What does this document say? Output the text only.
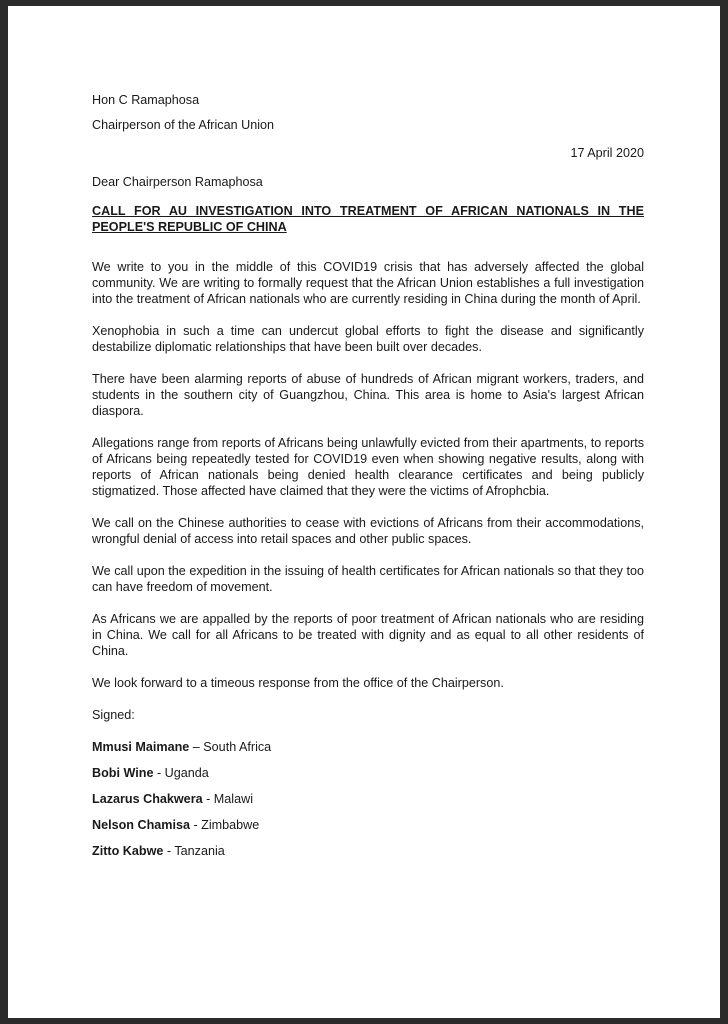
Hon C Ramaphosa

Chairperson of the African Union

17 April 2020

Dear Chairperson Ramaphosa

CALL FOR AU INVESTIGATION INTO TREATMENT OF AFRICAN NATIONALS IN THE PEOPLE'S REPUBLIC OF CHINA

We write to you in the middle of this COVID19 crisis that has adversely affected the global community. We are writing to formally request that the African Union establishes a full investigation into the treatment of African nationals who are currently residing in China during the month of April.

Xenophobia in such a time can undercut global efforts to fight the disease and significantly destabilize diplomatic relationships that have been built over decades.

There have been alarming reports of abuse of hundreds of African migrant workers, traders, and students in the southern city of Guangzhou, China. This area is home to Asia's largest African diaspora.

Allegations range from reports of Africans being unlawfully evicted from their apartments, to reports of Africans being repeatedly tested for COVID19 even when showing negative results, along with reports of African nationals being denied health clearance certificates and being publicly stigmatized. Those affected have claimed that they were the victims of Afrophcbia.

We call on the Chinese authorities to cease with evictions of Africans from their accommodations, wrongful denial of access into retail spaces and other public spaces.

We call upon the expedition in the issuing of health certificates for African nationals so that they too can have freedom of movement.

As Africans we are appalled by the reports of poor treatment of African nationals who are residing in China. We call for all Africans to be treated with dignity and as equal to all other residents of China.

We look forward to a timeous response from the office of the Chairperson.

Signed:

Mmusi Maimane – South Africa

Bobi Wine - Uganda

Lazarus Chakwera - Malawi

Nelson Chamisa - Zimbabwe

Zitto Kabwe - Tanzania
